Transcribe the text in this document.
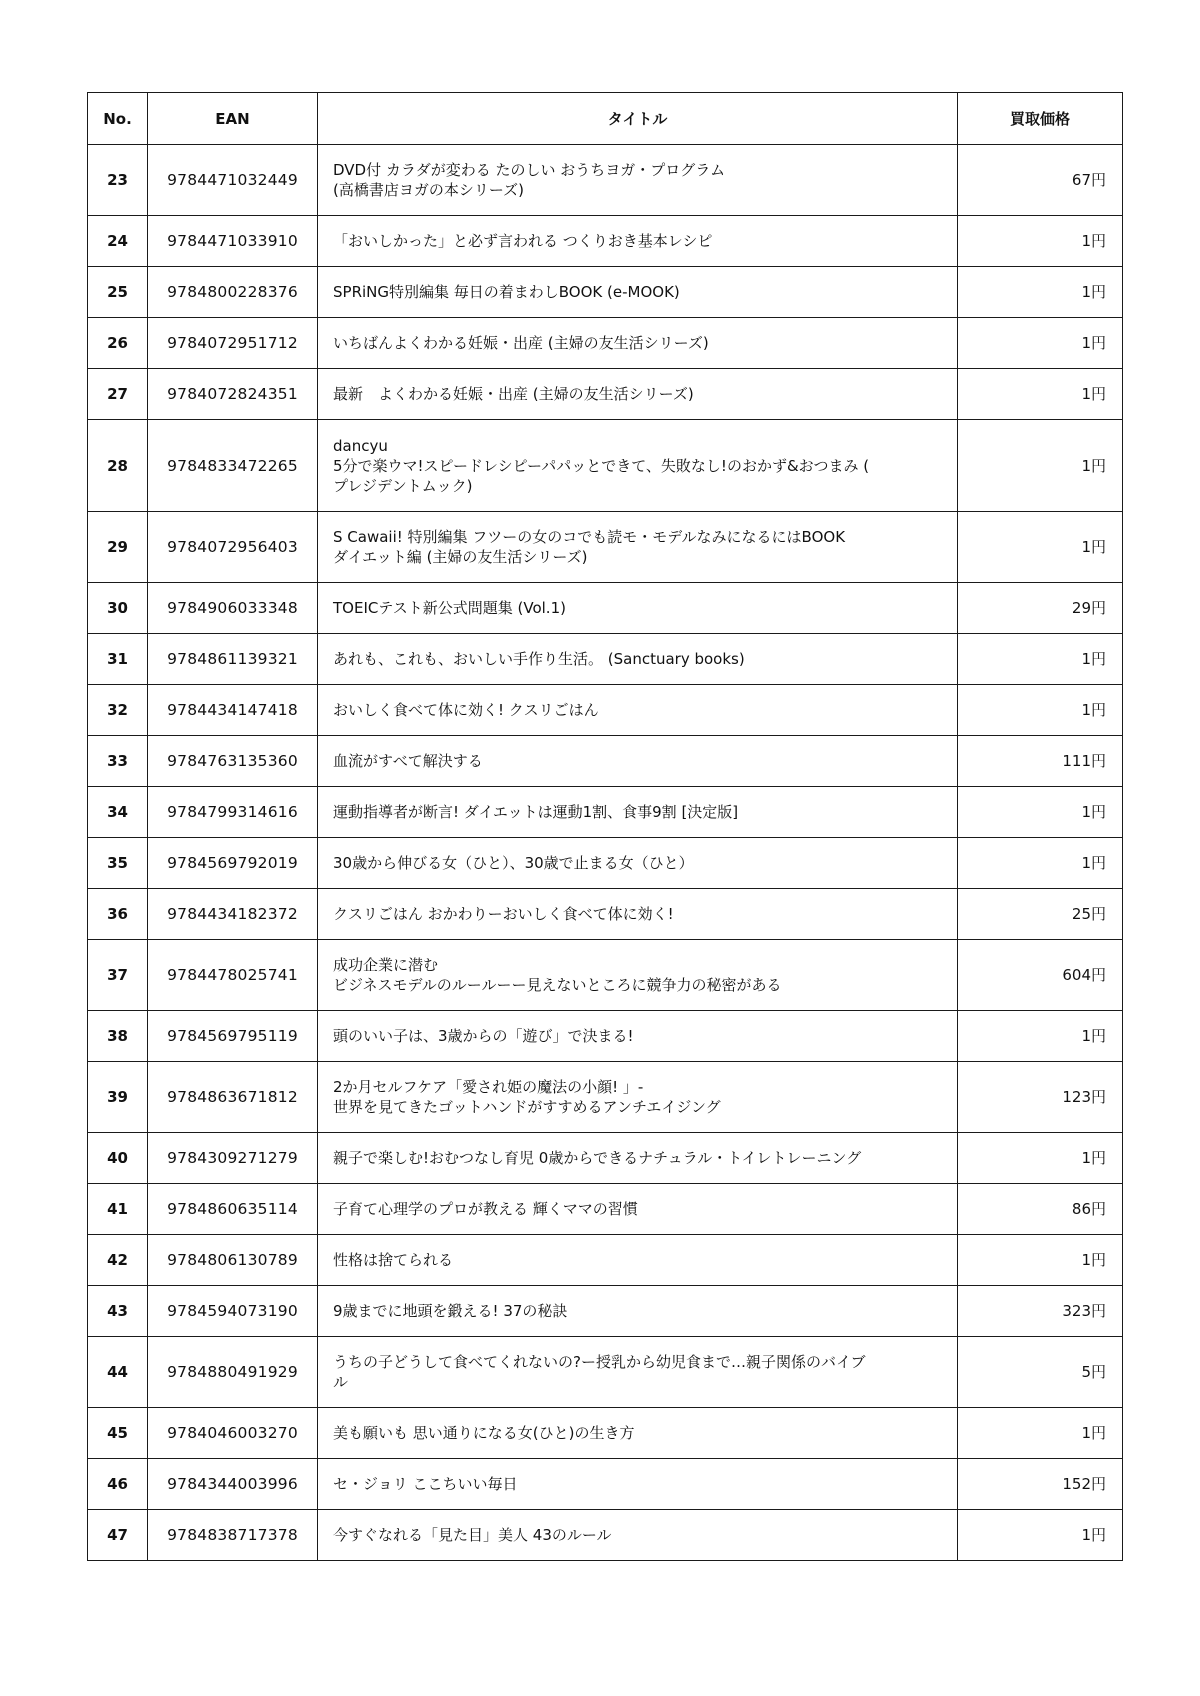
No.	EAN	タイトル	買取価格
23	9784471032449	DVD付 カラダが変わる たのしい おうちヨガ・プログラム
(高橋書店ヨガの本シリーズ)	67円
24	9784471033910	「おいしかった」と必ず言われる つくりおき基本レシピ	1円
25	9784800228376	SPRiNG特別編集 毎日の着まわしBOOK (e-MOOK)	1円
26	9784072951712	いちばんよくわかる妊娠・出産 (主婦の友生活シリーズ)	1円
27	9784072824351	最新　よくわかる妊娠・出産 (主婦の友生活シリーズ)	1円
28	9784833472265	dancyu
5分で楽ウマ!スピードレシピーパパッとできて、失敗なし!のおかず&おつまみ (
プレジデントムック)	1円
29	9784072956403	S Cawaii! 特別編集 フツーの女のコでも読モ・モデルなみになるにはBOOK
ダイエット編 (主婦の友生活シリーズ)	1円
30	9784906033348	TOEICテスト新公式問題集 (Vol.1)	29円
31	9784861139321	あれも、これも、おいしい手作り生活。 (Sanctuary books)	1円
32	9784434147418	おいしく食べて体に効く! クスリごはん	1円
33	9784763135360	血流がすべて解決する	111円
34	9784799314616	運動指導者が断言! ダイエットは運動1割、食事9割 [決定版]	1円
35	9784569792019	30歳から伸びる女（ひと）、30歳で止まる女（ひと）	1円
36	9784434182372	クスリごはん おかわりーおいしく食べて体に効く!	25円
37	9784478025741	成功企業に潜む
ビジネスモデルのルールーー見えないところに競争力の秘密がある	604円
38	9784569795119	頭のいい子は、3歳からの「遊び」で決まる!	1円
39	9784863671812	2か月セルフケア「愛され姫の魔法の小顔! 」-
世界を見てきたゴットハンドがすすめるアンチエイジング	123円
40	9784309271279	親子で楽しむ!おむつなし育児 0歳からできるナチュラル・トイレトレーニング	1円
41	9784860635114	子育て心理学のプロが教える 輝くママの習慣	86円
42	9784806130789	性格は捨てられる	1円
43	9784594073190	9歳までに地頭を鍛える! 37の秘訣	323円
44	9784880491929	うちの子どうして食べてくれないの?ー授乳から幼児食まで…親子関係のバイブ
ル	5円
45	9784046003270	美も願いも 思い通りになる女(ひと)の生き方	1円
46	9784344003996	セ・ジョリ ここちいい毎日	152円
47	9784838717378	今すぐなれる「見た目」美人 43のルール	1円
